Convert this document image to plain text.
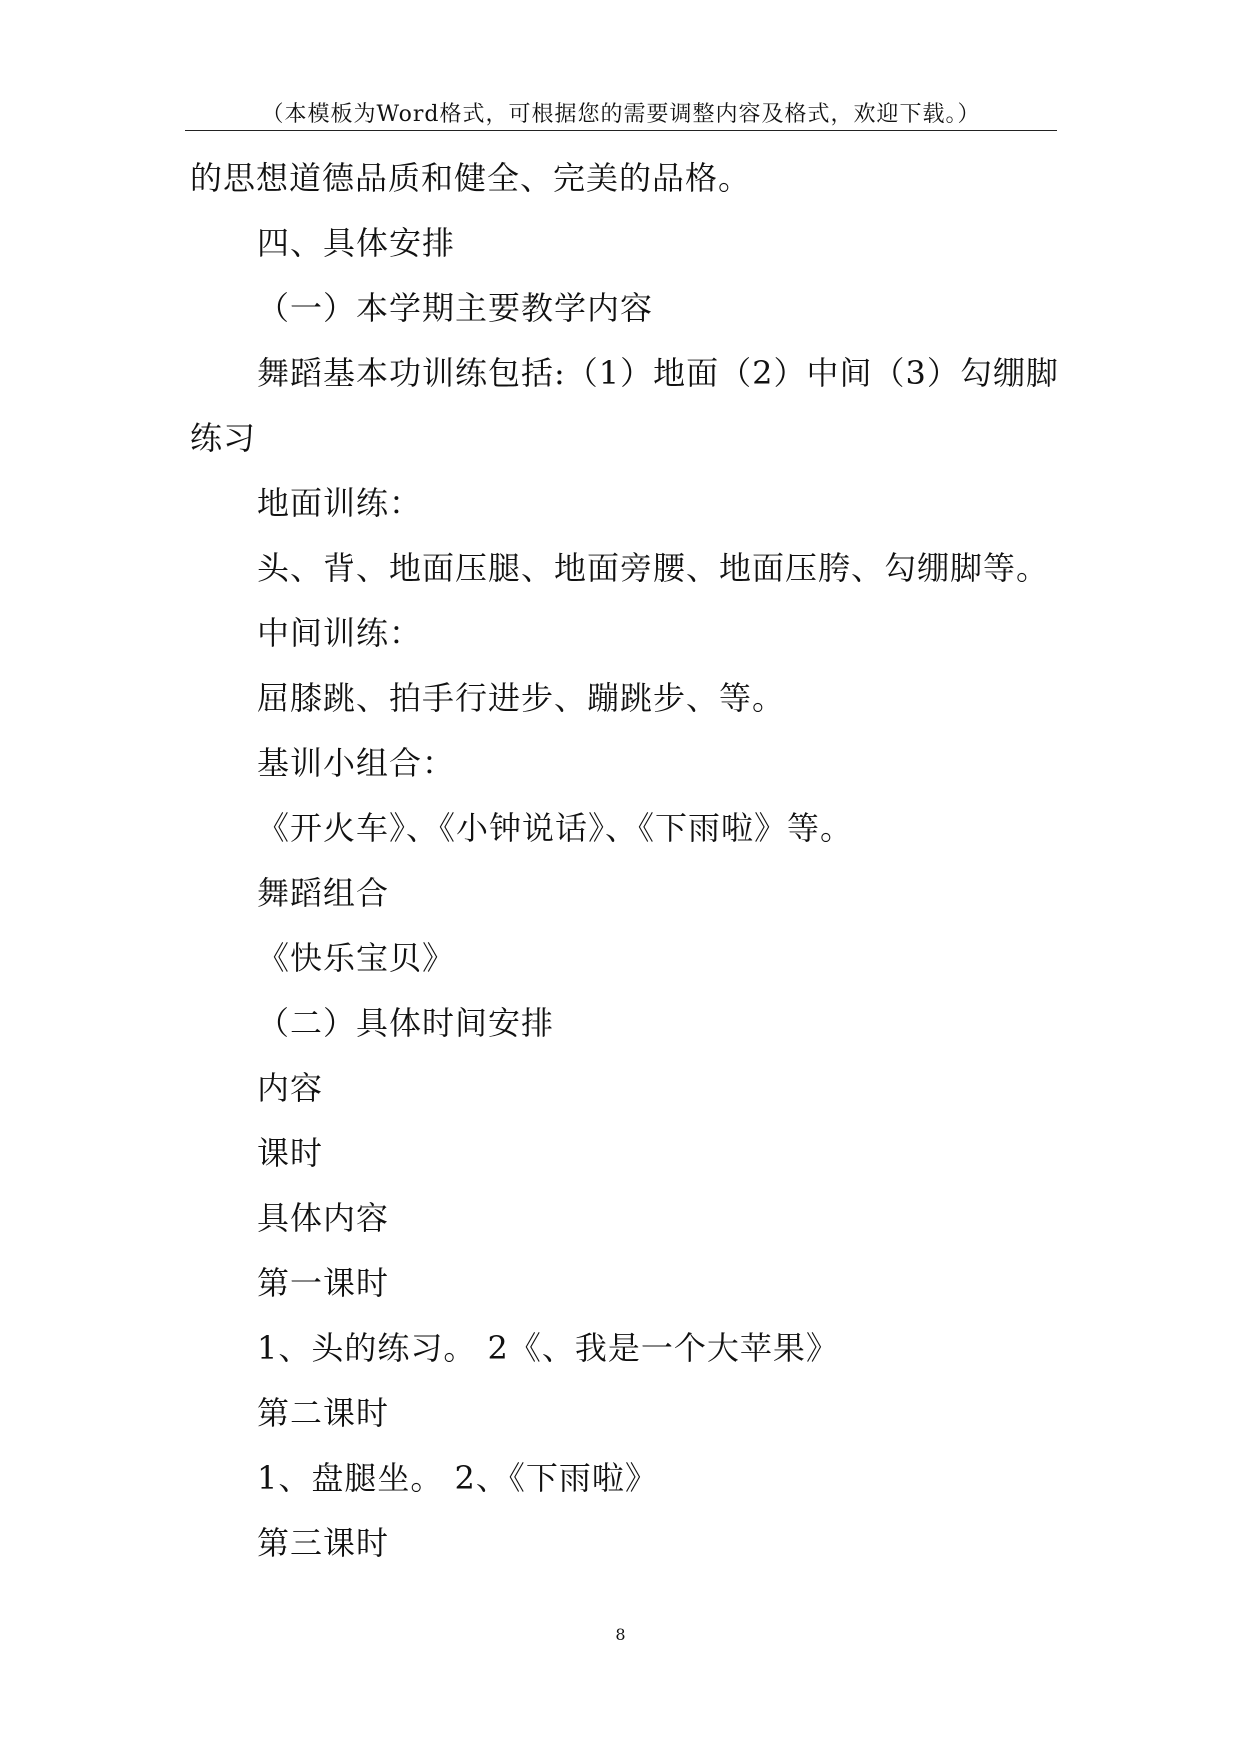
（本模板为Word格式，可根据您的需要调整内容及格式，欢迎下载。）
的思想道德品质和健全、完美的品格。
四、具体安排
（一）本学期主要教学内容
舞蹈基本功训练包括:（1）地面（2）中间（3）勾绷脚
练习
地面训练：
头、背、地面压腿、地面旁腰、地面压胯、勾绷脚等。
中间训练：
屈膝跳、拍手行进步、蹦跳步、等。
基训小组合：
《开火车》、《小钟说话》、《下雨啦》等。
舞蹈组合
《快乐宝贝》
（二）具体时间安排
内容
课时
具体内容
第一课时
1、头的练习。 2《、我是一个大苹果》
第二课时
1、盘腿坐。 2、《下雨啦》
第三课时
8
